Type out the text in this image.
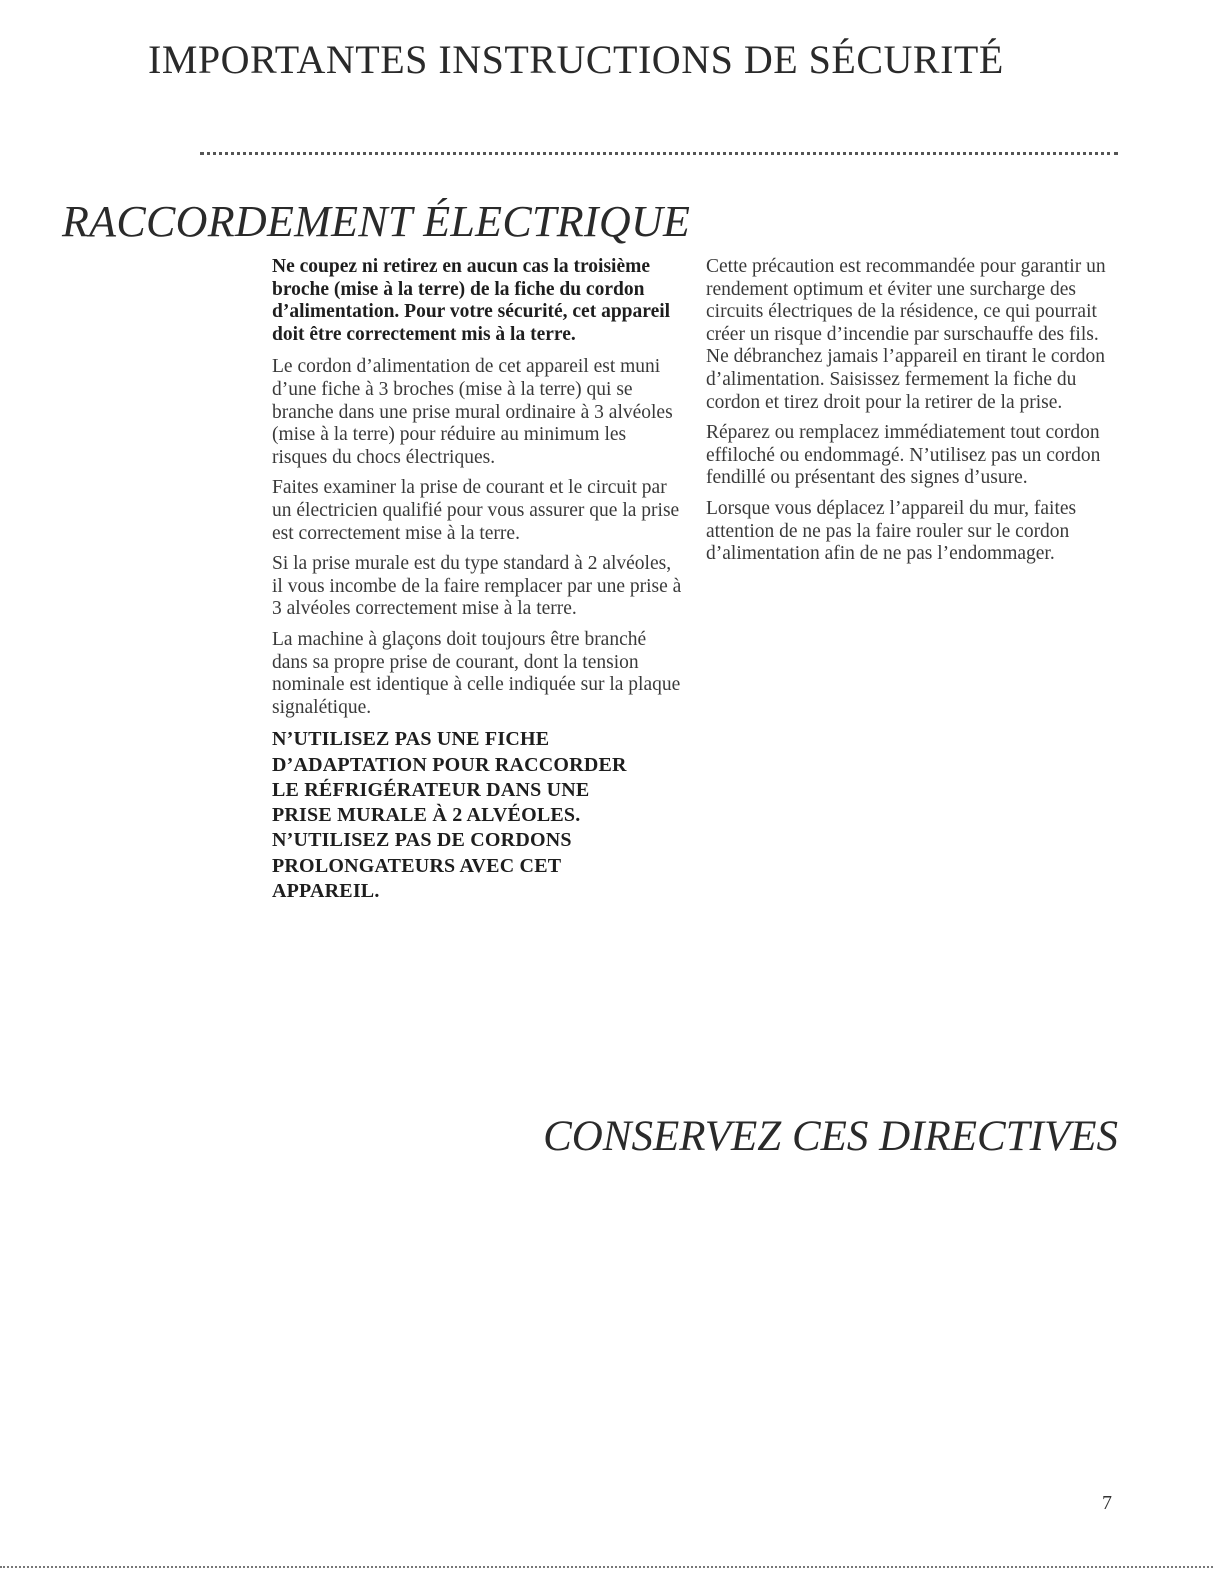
IMPORTANTES INSTRUCTIONS DE SÉCURITÉ
RACCORDEMENT ÉLECTRIQUE

Ne coupez ni retirez en aucun cas la troisième broche (mise à la terre) de la fiche du cordon d’alimentation. Pour votre sécurité, cet appareil doit être correctement mis à la terre.

Le cordon d’alimentation de cet appareil est muni d’une fiche à 3 broches (mise à la terre) qui se branche dans une prise mural ordinaire à 3 alvéoles (mise à la terre) pour réduire au minimum les risques du chocs électriques.

Faites examiner la prise de courant et le circuit par un électricien qualifié pour vous assurer que la prise est correctement mise à la terre.

Si la prise murale est du type standard à 2 alvéoles, il vous incombe de la faire remplacer par une prise à 3 alvéoles correctement mise à la terre.

La machine à glaçons doit toujours être branché dans sa propre prise de courant, dont la tension nominale est identique à celle indiquée sur la plaque signalétique.

N’UTILISEZ PAS UNE FICHE

D’ADAPTATION POUR RACCORDER

LE RÉFRIGÉRATEUR DANS UNE

PRISE MURALE À 2 ALVÉOLES.

N’UTILISEZ PAS DE CORDONS

PROLONGATEURS AVEC CET

APPAREIL.

Cette précaution est recommandée pour garantir un rendement optimum et éviter une surcharge des circuits électriques de la résidence, ce qui pourrait créer un risque d’incendie par surschauffe des fils. Ne débranchez jamais l’appareil en tirant le cordon d’alimentation. Saisissez fermement la fiche du cordon et tirez droit pour la retirer de la prise.

Réparez ou remplacez immédiatement tout cordon effiloché ou endommagé. N’utilisez pas un cordon fendillé ou présentant des signes d’usure.

Lorsque vous déplacez l’appareil du mur, faites attention de ne pas la faire rouler sur le cordon d’alimentation afin de ne pas l’endommager.

CONSERVEZ CES DIRECTIVES
7
